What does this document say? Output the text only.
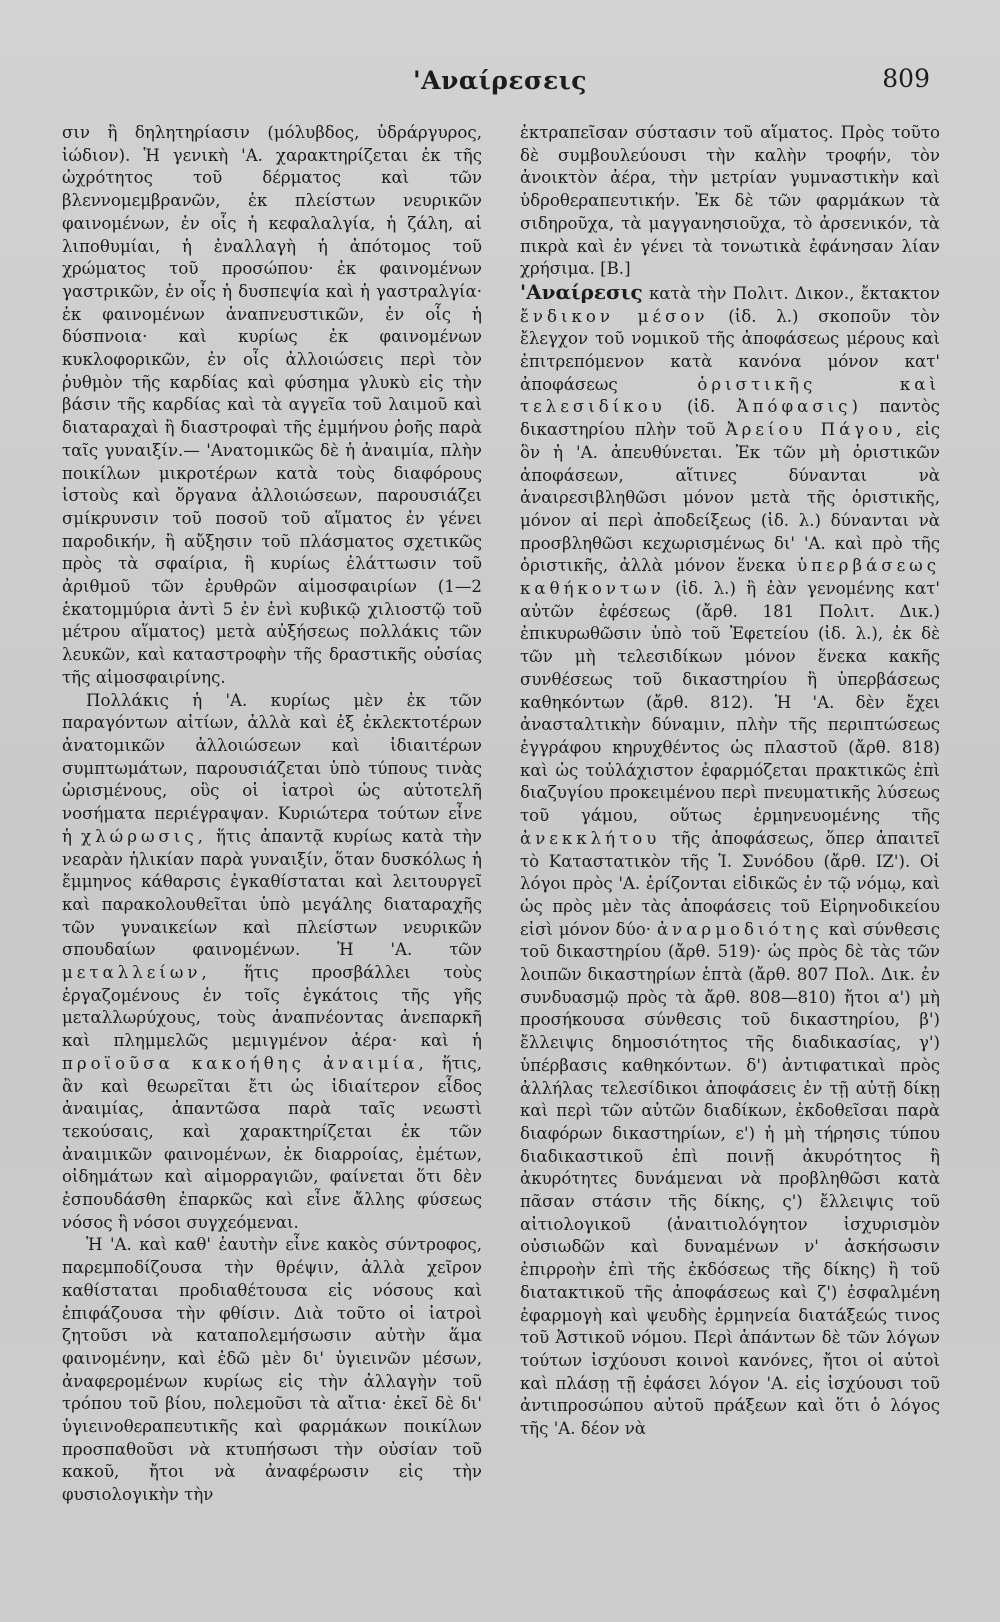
'Αναίρεσεις	809

σιν ἢ δηλητηρίασιν (μόλυβδος, ὑδράργυρος, ἰώδιον). Ἡ γενικὴ 'Α. χαρακτηρίζεται ἐκ τῆς ὠχρότητος τοῦ δέρματος καὶ τῶν βλεννομεμβρανῶν, ἐκ πλείστων νευρικῶν φαινομένων, ἐν οἷς ἡ κεφαλαλγία, ἡ ζάλη, αἱ λιποθυμίαι, ἡ ἐναλλαγὴ ἡ ἀπότομος τοῦ χρώματος τοῦ προσώπου· ἐκ φαινομένων γαστρικῶν, ἐν οἷς ἡ δυσπεψία καὶ ἡ γαστραλγία· ἐκ φαινομένων ἀναπνευστικῶν, ἐν οἷς ἡ δύσπνοια· καὶ κυρίως ἐκ φαινομένων κυκλοφορικῶν, ἐν οἷς ἀλλοιώσεις περὶ τὸν ῥυθμὸν τῆς καρδίας καὶ φύσημα γλυκὺ εἰς τὴν βάσιν τῆς καρδίας καὶ τὰ αγγεῖα τοῦ λαιμοῦ καὶ διαταραχαὶ ἢ διαστροφαὶ τῆς ἐμμήνου ῥοῆς παρὰ ταῖς γυναιξίν.— 'Ανατομικῶς δὲ ἡ ἀναιμία, πλὴν ποικίλων μικροτέρων κατὰ τοὺς διαφόρους ἱστοὺς καὶ ὄργανα ἀλλοιώσεων, παρουσιάζει σμίκρυνσιν τοῦ ποσοῦ τοῦ αἵματος ἐν γένει παροδικήν, ἢ αὔξησιν τοῦ πλάσματος σχετικῶς πρὸς τὰ σφαίρια, ἢ κυρίως ἐλάττωσιν τοῦ ἀριθμοῦ τῶν ἐρυθρῶν αἱμοσφαιρίων (1—2 ἑκατομμύρια ἀντὶ 5 ἐν ἑνὶ κυβικῷ χιλιοστῷ τοῦ μέτρου αἵματος) μετὰ αὐξήσεως πολλάκις τῶν λευκῶν, καὶ καταστροφὴν τῆς δραστικῆς οὐσίας τῆς αἱμοσφαιρίνης.

Πολλάκις ἡ 'Α. κυρίως μὲν ἐκ τῶν παραγόντων αἰτίων, ἀλλὰ καὶ ἐξ ἐκλεκτοτέρων ἀνατομικῶν ἀλλοιώσεων καὶ ἰδιαιτέρων συμπτωμάτων, παρουσιάζεται ὑπὸ τύπους τινὰς ὡρισμένους, οὓς οἱ ἰατροὶ ὡς αὐτοτελῆ νοσήματα περιέγραψαν. Κυριώτερα τούτων εἶνε ἡ χλώρωσις, ἥτις ἀπαντᾷ κυρίως κατὰ τὴν νεαρὰν ἡλικίαν παρὰ γυναιξίν, ὅταν δυσκόλως ἡ ἔμμηνος κάθαρσις ἐγκαθίσταται καὶ λειτουργεῖ καὶ παρακολουθεῖται ὑπὸ μεγάλης διαταραχῆς τῶν γυναικείων καὶ πλείστων νευρικῶν σπουδαίων φαινομένων. Ἡ 'Α. τῶν μεταλλείων, ἥτις προσβάλλει τοὺς ἐργαζομένους ἐν τοῖς ἐγκάτοις τῆς γῆς μεταλλωρύχους, τοὺς ἀναπνέοντας ἀνεπαρκῆ καὶ πλημμελῶς μεμιγμένον ἀέρα· καὶ ἡ προϊοῦσα κακοήθης ἀναιμία, ἥτις, ἂν καὶ θεωρεῖται ἔτι ὡς ἰδιαίτερον εἶδος ἀναιμίας, ἀπαντῶσα παρὰ ταῖς νεωστὶ τεκούσαις, καὶ χαρακτηρίζεται ἐκ τῶν ἀναιμικῶν φαινομένων, ἐκ διαρροίας, ἐμέτων, οἰδημάτων καὶ αἱμορραγιῶν, φαίνεται ὅτι δὲν ἐσπουδάσθη ἐπαρκῶς καὶ εἶνε ἄλλης φύσεως νόσος ἢ νόσοι συγχεόμεναι.

Ἡ 'Α. καὶ καθ' ἑαυτὴν εἶνε κακὸς σύντροφος, παρεμποδίζουσα τὴν θρέψιν, ἀλλὰ χεῖρον καθίσταται προδιαθέτουσα εἰς νόσους καὶ ἐπιφάζουσα τὴν φθίσιν. Διὰ τοῦτο οἱ ἰατροὶ ζητοῦσι νὰ καταπολεμήσωσιν αὐτὴν ἅμα φαινομένην, καὶ ἐδῶ μὲν δι' ὑγιεινῶν μέσων, ἀναφερομένων κυρίως εἰς τὴν ἀλλαγὴν τοῦ τρόπου τοῦ βίου, πολεμοῦσι τὰ αἴτια· ἐκεῖ δὲ δι' ὑγιεινοθεραπευτικῆς καὶ φαρμάκων ποικίλων προσπαθοῦσι νὰ κτυπήσωσι τὴν οὐσίαν τοῦ κακοῦ, ἤτοι νὰ ἀναφέρωσιν εἰς τὴν φυσιολογικὴν τὴν

ἐκτραπεῖσαν σύστασιν τοῦ αἵματος. Πρὸς τοῦτο δὲ συμβουλεύουσι τὴν καλὴν τροφήν, τὸν ἀνοικτὸν ἀέρα, τὴν μετρίαν γυμναστικὴν καὶ ὑδροθεραπευτικήν. Ἐκ δὲ τῶν φαρμάκων τὰ σιδηροῦχα, τὰ μαγγανησιοῦχα, τὸ ἀρσενικόν, τὰ πικρὰ καὶ ἐν γένει τὰ τονωτικὰ ἐφάνησαν λίαν χρήσιμα. [Β.]

'Αναίρεσις κατὰ τὴν Πολιτ. Δικον., ἔκτακτον ἔνδικον μέσον (ἰδ. λ.) σκοποῦν τὸν ἔλεγχον τοῦ νομικοῦ τῆς ἀποφάσεως μέρους καὶ ἐπιτρεπόμενον κατὰ κανόνα μόνον κατ' ἀποφάσεως	ὁριστικῆς καὶ τελεσιδίκου (ἰδ. Ἀπόφασις) παντὸς δικαστηρίου πλὴν τοῦ Ἀρείου Πάγου, εἰς ὃν ἡ 'Α. ἀπευθύνεται. Ἐκ τῶν μὴ ὁριστικῶν ἀποφάσεων, αἵτινες δύνανται νὰ ἀναιρεσιβληθῶσι μόνον μετὰ τῆς ὁριστικῆς, μόνον αἱ περὶ ἀποδείξεως (ἰδ. λ.) δύνανται νὰ προσβληθῶσι κεχωρισμένως δι' 'Α. καὶ πρὸ τῆς ὁριστικῆς, ἀλλὰ μόνον ἕνεκα ὑπερβάσεως καθήκοντων (ἰδ. λ.) ἢ ἐὰν γενομένης κατ' αὐτῶν ἐφέσεως (ἄρθ. 181 Πολιτ. Δικ.) ἐπικυρωθῶσιν ὑπὸ τοῦ Ἐφετείου (ἰδ. λ.), ἐκ δὲ τῶν μὴ τελεσιδίκων μόνον ἕνεκα κακῆς συνθέσεως τοῦ δικαστηρίου ἢ ὑπερβάσεως καθηκόντων (ἄρθ. 812). Ἡ 'Α. δὲν ἔχει ἀνασταλτικὴν δύναμιν, πλὴν τῆς περιπτώσεως ἐγγράφου κηρυχθέντος ὡς πλαστοῦ (ἄρθ. 818) καὶ ὡς τοὐλάχιστον ἐφαρμόζεται πρακτικῶς ἐπὶ διαζυγίου προκειμένου περὶ πνευματικῆς λύσεως τοῦ γάμου, οὕτως ἑρμηνευομένης τῆς ἀνεκκλήτου τῆς ἀποφάσεως, ὅπερ ἀπαιτεῖ τὸ Καταστατικὸν τῆς Ἱ. Συνόδου (ἄρθ. ΙΖ'). Οἱ λόγοι πρὸς 'Α. ἐρίζονται εἰδικῶς ἐν τῷ νόμῳ, καὶ ὡς πρὸς μὲν τὰς ἀποφάσεις τοῦ Εἰρηνοδικείου εἰσὶ μόνον δύο· ἀναρμοδιότης καὶ σύνθεσις τοῦ δικαστηρίου (ἄρθ. 519)· ὡς πρὸς δὲ τὰς τῶν λοιπῶν δικαστηρίων ἑπτὰ (ἄρθ. 807 Πολ. Δικ. ἐν συνδυασμῷ πρὸς τὰ ἄρθ. 808—810) ἤτοι α') μὴ προσήκουσα σύνθεσις τοῦ δικαστηρίου, β') ἔλλειψις δημοσιότητος τῆς διαδικασίας, γ') ὑπέρβασις καθηκόντων. δ') ἀντιφατικαὶ πρὸς ἀλλήλας τελεσίδικοι ἀποφάσεις ἐν τῇ αὐτῇ δίκῃ καὶ περὶ τῶν αὐτῶν διαδίκων, ἐκδοθεῖσαι παρὰ διαφόρων δικαστηρίων, ε') ἡ μὴ τήρησις τύπου διαδικαστικοῦ ἐπὶ ποινῇ ἀκυρότητος ἢ ἀκυρότητες δυνάμεναι νὰ προβληθῶσι κατὰ πᾶσαν στάσιν τῆς δίκης, ς') ἔλλειψις τοῦ αἰτιολογικοῦ (ἀναιτιολόγητον ἰσχυρισμὸν οὐσιωδῶν καὶ δυναμένων ν' ἀσκήσωσιν ἐπιρροὴν ἐπὶ τῆς ἐκδόσεως τῆς δίκης) ἢ τοῦ διατακτικοῦ τῆς ἀποφάσεως καὶ ζ') ἐσφαλμένη ἐφαρμογὴ καὶ ψευδὴς ἑρμηνεία διατάξεώς τινος τοῦ Ἀστικοῦ νόμου. Περὶ ἁπάντων δὲ τῶν λόγων τούτων ἰσχύουσι κοινοὶ κανόνες, ἤτοι οἱ αὐτοὶ καὶ πλάσῃ τῇ ἐφάσει λόγον 'Α. εἰς ἰσχύουσι τοῦ ἀντιπροσώπου αὐτοῦ πράξεων καὶ ὅτι ὁ λόγος τῆς 'Α. δέον νὰ
